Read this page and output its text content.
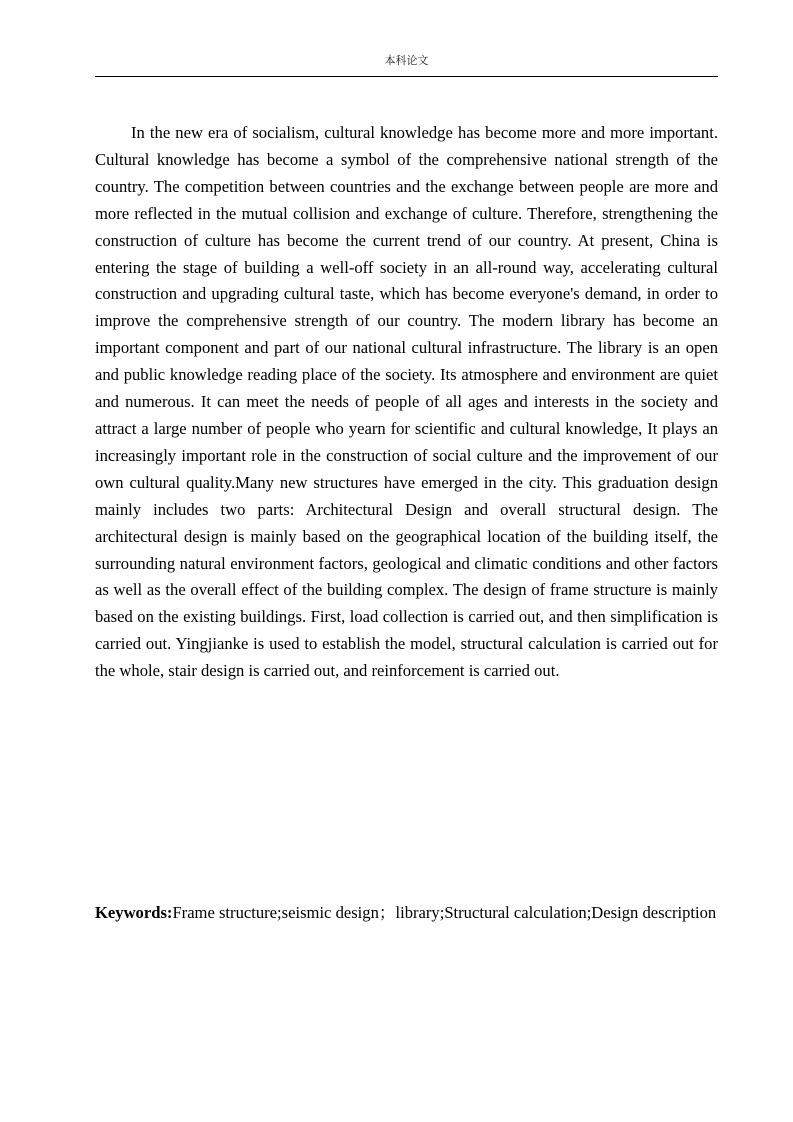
本科论文

In the new era of socialism, cultural knowledge has become more and more important. Cultural knowledge has become a symbol of the comprehensive national strength of the country. The competition between countries and the exchange between people are more and more reflected in the mutual collision and exchange of culture. Therefore, strengthening the construction of culture has become the current trend of our country. At present, China is entering the stage of building a well-off society in an all-round way, accelerating cultural construction and upgrading cultural taste, which has become everyone's demand, in order to improve the comprehensive strength of our country. The modern library has become an important component and part of our national cultural infrastructure. The library is an open and public knowledge reading place of the society. Its atmosphere and environment are quiet and numerous. It can meet the needs of people of all ages and interests in the society and attract a large number of people who yearn for scientific and cultural knowledge, It plays an increasingly important role in the construction of social culture and the improvement of our own cultural quality.Many new structures have emerged in the city. This graduation design mainly includes two parts: Architectural Design and overall structural design. The architectural design is mainly based on the geographical location of the building itself, the surrounding natural environment factors, geological and climatic conditions and other factors as well as the overall effect of the building complex. The design of frame structure is mainly based on the existing buildings. First, load collection is carried out, and then simplification is carried out. Yingjianke is used to establish the model, structural calculation is carried out for the whole, stair design is carried out, and reinforcement is carried out.

Keywords:Frame structure;seismic design；library;Structural calculation;Design description
